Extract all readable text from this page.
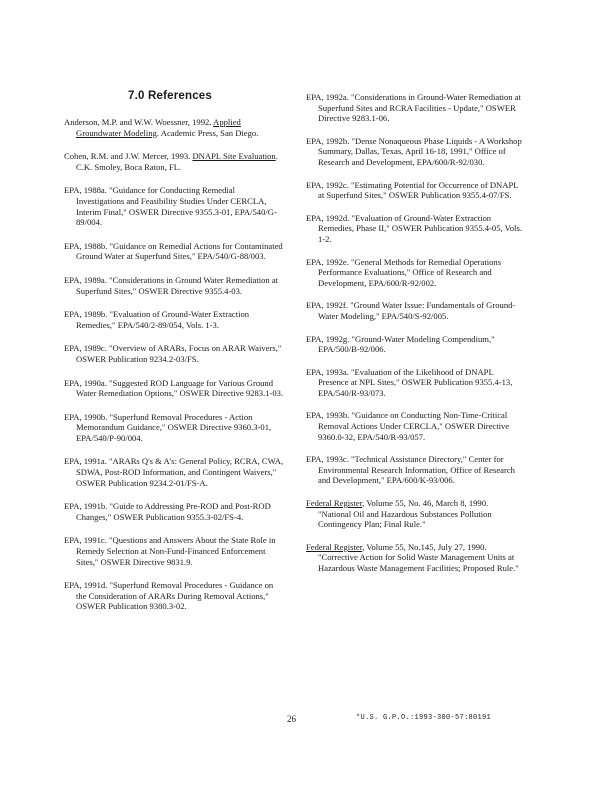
7.0 References

Anderson, M.P. and W.W. Woessner, 1992. Applied Groundwater Modeling. Academic Press, San Diego.

Cohen, R.M. and J.W. Mercer, 1993. DNAPL Site Evaluation. C.K. Smoley, Boca Raton, FL.

EPA, 1988a. "Guidance for Conducting Remedial Investigations and Feasibility Studies Under CERCLA, Interim Final," OSWER Directive 9355.3-01, EPA/540/G-89/004.

EPA, 1988b. "Guidance on Remedial Actions for Contaminated Ground Water at Superfund Sites," EPA/540/G-88/003.

EPA, 1989a. "Considerations in Ground Water Remediation at Superfund Sites," OSWER Directive 9355.4-03.

EPA, 1989b. "Evaluation of Ground-Water Extraction Remedies," EPA/540/2-89/054, Vols. 1-3.

EPA, 1989c. "Overview of ARARs, Focus on ARAR Waivers," OSWER Publication 9234.2-03/FS.

EPA, 1990a. "Suggested ROD Language for Various Ground Water Remediation Options," OSWER Directive 9283.1-03.

EPA, 1990b. "Superfund Removal Procedures - Action Memorandum Guidance," OSWER Directive 9360.3-01, EPA/540/P-90/004.

EPA, 1991a. "ARARs Q's & A's: General Policy, RCRA, CWA, SDWA, Post-ROD Information, and Contingent Waivers," OSWER Publication 9234.2-01/FS-A.

EPA, 1991b. "Guide to Addressing Pre-ROD and Post-ROD Changes," OSWER Publication 9355.3-02/FS-4.

EPA, 1991c. "Questions and Answers About the State Role in Remedy Selection at Non-Fund-Financed Enforcement Sites," OSWER Directive 9831.9.

EPA, 1991d. "Superfund Removal Procedures - Guidance on the Consideration of ARARs During Removal Actions," OSWER Publication 9380.3-02.

EPA, 1992a. "Considerations in Ground-Water Remediation at Superfund Sites and RCRA Facilities - Update," OSWER Directive 9283.1-06.

EPA, 1992b. "Dense Nonaqueous Phase Liquids - A Workshop Summary, Dallas, Texas, April 16-18, 1991," Office of Research and Development, EPA/600/R-92/030.

EPA, 1992c. "Estimating Potential for Occurrence of DNAPL at Superfund Sites," OSWER Publication 9355.4-07/FS.

EPA, 1992d. "Evaluation of Ground-Water Extraction Remedies, Phase II," OSWER Publication 9355.4-05, Vols. 1-2.

EPA, 1992e. "General Methods for Remedial Operations Performance Evaluations," Office of Research and Development, EPA/600/R-92/002.

EPA, 1992f. "Ground Water Issue: Fundamentals of Ground-Water Modeling," EPA/540/S-92/005.

EPA, 1992g. "Ground-Water Modeling Compendium," EPA/500/B-92/006.

EPA, 1993a. "Evaluation of the Likelihood of DNAPL Presence at NPL Sites," OSWER Publication 9355.4-13, EPA/540/R-93/073.

EPA, 1993b. "Guidance on Conducting Non-Time-Critical Removal Actions Under CERCLA," OSWER Directive 9360.0-32, EPA/540/R-93/057.

EPA, 1993c. "Technical Assistance Directory," Center for Environmental Research Information, Office of Research and Development," EPA/600/K-93/006.

Federal Register, Volume 55, No. 46, March 8, 1990. "National Oil and Hazardous Substances Pollution Contingency Plan; Final Rule."

Federal Register, Volume 55, No.145, July 27, 1990. "Corrective Action for Solid Waste Management Units at Hazardous Waste Management Facilities; Proposed Rule."

26	*U.S. G.P.O.:1993-300-57:80191
